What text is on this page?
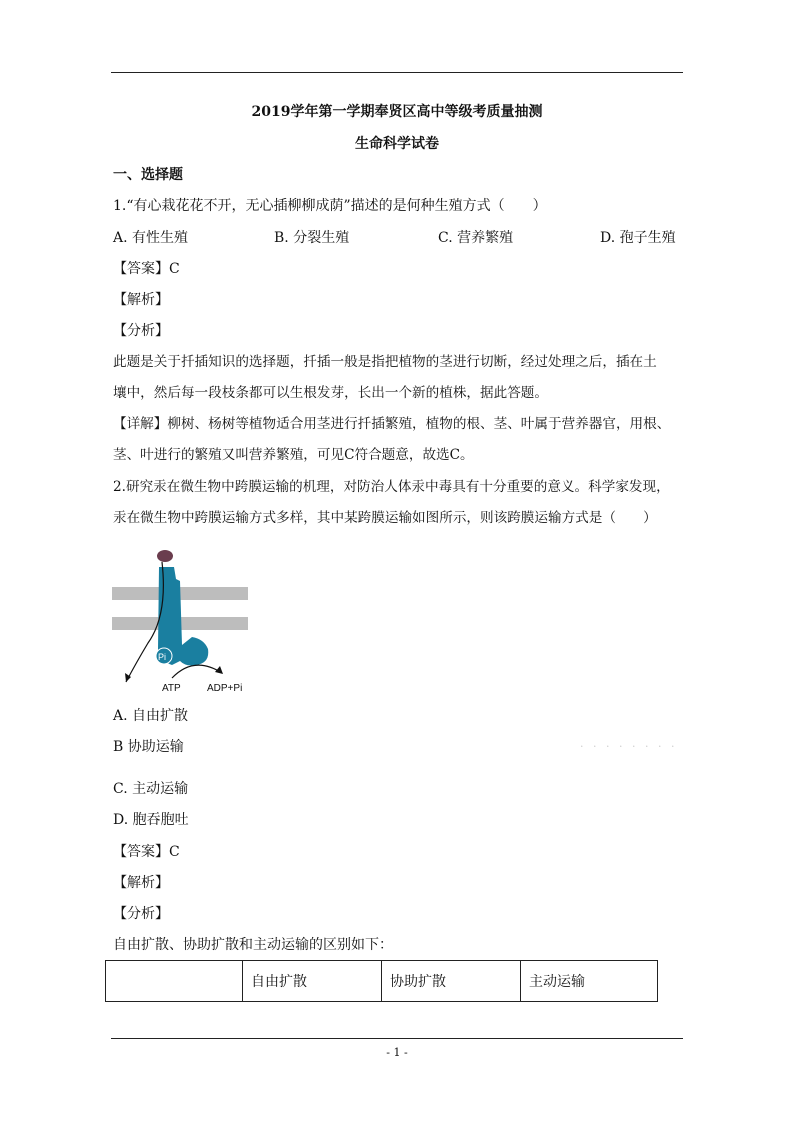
2019学年第一学期奉贤区高中等级考质量抽测
生命科学试卷
一、选择题
1.“有心栽花花不开，无心插柳柳成荫”描述的是何种生殖方式（　　）
A. 有性生殖	B. 分裂生殖	C. 营养繁殖	D. 孢子生殖
【答案】C
【解析】
【分析】
此题是关于扦插知识的选择题，扦插一般是指把植物的茎进行切断，经过处理之后，插在土
壤中，然后每一段枝条都可以生根发芽，长出一个新的植株，据此答题。
【详解】柳树、杨树等植物适合用茎进行扦插繁殖，植物的根、茎、叶属于营养器官，用根、
茎、叶进行的繁殖又叫营养繁殖，可见C符合题意，故选C。
2.研究汞在微生物中跨膜运输的机理，对防治人体汞中毒具有十分重要的意义。科学家发现，
汞在微生物中跨膜运输方式多样，其中某跨膜运输如图所示，则该跨膜运输方式是（　　）
Pi
ATP	ADP+Pi
A. 自由扩散
B 协助运输	· · · · · · · ·
C. 主动运输
D. 胞吞胞吐
【答案】C
【解析】
【分析】
自由扩散、协助扩散和主动运输的区别如下：
	自由扩散	协助扩散	主动运输
- 1 -
